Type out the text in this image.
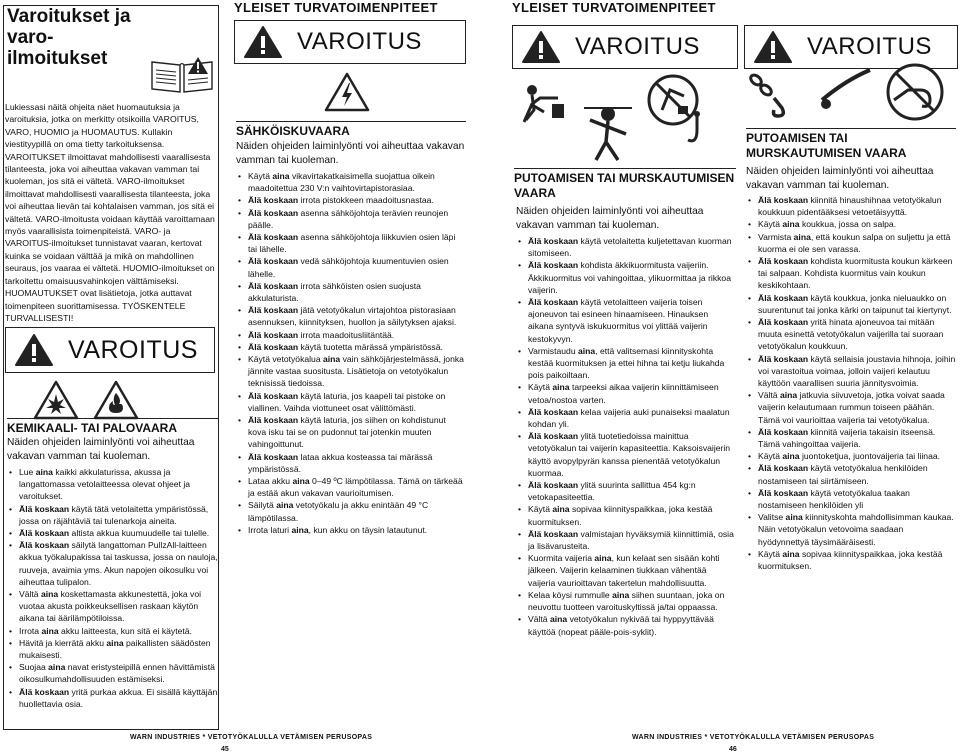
Varoitukset ja varo-ilmoitukset
Lukiessasi näitä ohjeita näet huomautuksia ja varoituksia, jotka on merkitty otsikoilla VAROITUS, VARO, HUOMIO ja HUOMAUTUS. Kullakin viestityypillä on oma tietty tarkoituksensa. VAROITUKSET ilmoittavat mahdollisesti vaarallisesta tilanteesta, joka voi aiheuttaa vakavan vamman tai kuoleman, jos sitä ei vältetä. VARO-ilmoitukset ilmoittavat mahdollisesti vaarallisesta tilanteesta, joka voi aiheuttaa lievän tai kohtalaisen vamman, jos sitä ei vältetä. VARO-ilmoitusta voidaan käyttää varoittamaan myös vaarallisista toimenpiteistä. VARO- ja VAROITUS-ilmoitukset tunnistavat vaaran, kertovat kuinka se voidaan välttää ja mikä on mahdollinen seuraus, jos vaaraa ei vältetä. HUOMIO-ilmoitukset on tarkoitettu omaisuusvahinkojen välttämiseksi. HUOMAUTUKSET ovat lisätietoja, jotka auttavat toimenpiteen suorittamisessa. TYÖSKENTELE TURVALLISESTI!
VAROITUS
KEMIKAALI- TAI PALOVAARA
Näiden ohjeiden laiminlyönti voi aiheuttaa vakavan vamman tai kuoleman.
• Lue aina kaikki akkulaturissa, akussa ja langattomassa vetolaitteessa olevat ohjeet ja varoitukset.
• Älä koskaan käytä tätä vetolaitetta ympäristössä, jossa on räjähtäviä tai tulenarkoja aineita.
• Älä koskaan altista akkua kuumuudelle tai tulelle.
• Älä koskaan säilytä langattoman PullzAll-laitteen akkua työkalupakissa tai taskussa, jossa on nauloja, ruuveja, avaimia yms. Akun napojen oikosulku voi aiheuttaa tulipalon.
• Vältä aina koskettamasta akkunestettä, joka voi vuotaa akusta poikkeuksellisen raskaan käytön aikana tai äärilämpötiloissa.
• Irrota aina akku laitteesta, kun sitä ei käytetä.
• Hävitä ja kierrätä akku aina paikallisten säädösten mukaisesti.
• Suojaa aina navat eristysteipillä ennen hävittämistä oikosulkumahdollisuuden estämiseksi.
• Älä koskaan yritä purkaa akkua. Ei sisällä käyttäjän huollettavia osia.
YLEISET TURVATOIMENPITEET
VAROITUS
SÄHKÖISKUVAARA
Näiden ohjeiden laiminlyönti voi aiheuttaa vakavan vamman tai kuoleman.
• Käytä aina vikavirtakatkaisimella suojattua oikein maadoitettua 230 V:n vaihtovirtapistorasiaa.
• Älä koskaan irrota pistokkeen maadoitusnastaa.
• Älä koskaan asenna sähköjohtoja terävien reunojen päälle.
• Älä koskaan asenna sähköjohtoja liikkuvien osien läpi tai lähelle.
• Älä koskaan vedä sähköjohtoja kuumentuvien osien lähelle.
• Älä koskaan irrota sähköisten osien suojusta akkulaturista.
• Älä koskaan jätä vetotyökalun virtajohtoa pistorasiaan asennuksen, kiinnityksen, huollon ja säilytyksen ajaksi.
• Älä koskaan irrota maadoitusliitäntää.
• Älä koskaan käytä tuotetta märässä ympäristössä.
• Käytä vetotyökalua aina vain sähköjärjestelmässä, jonka jännite vastaa suositusta. Lisätietoja on vetotyökalun teknisissä tiedoissa.
• Älä koskaan käytä laturia, jos kaapeli tai pistoke on viallinen. Vaihda viottuneet osat välittömästi.
• Älä koskaan käytä laturia, jos siihen on kohdistunut kova isku tai se on pudonnut tai jotenkin muuten vahingoittunut.
• Älä koskaan lataa akkua kosteassa tai märässä ympäristössä.
• Lataa akku aina 0–49 ºC lämpötilassa. Tämä on tärkeää ja estää akun vakavan vaurioitumisen.
• Säilytä aina vetotyökalu ja akku enintään 49 °C lämpötilassa.
• Irrota laturi aina, kun akku on täysin latautunut.
WARN INDUSTRIES * VETOTYÖKALULLA VETÄMISEN PERUSOPAS
45
YLEISET TURVATOIMENPITEET
VAROITUS
PUTOAMISEN TAI MURSKAUTUMISEN VAARA
Näiden ohjeiden laiminlyönti voi aiheuttaa vakavan vamman tai kuoleman.
• Älä koskaan käytä vetolaitetta kuljetettavan kuorman sitomiseen.
• Älä koskaan kohdista äkkikuormitusta vaijeriin. Äkkikuormitus voi vahingoittaa, ylikuormittaa ja rikkoa vaijerin.
• Älä koskaan käytä vetolaitteen vaijeria toisen ajoneuvon tai esineen hinaamiseen. Hinauksen aikana syntyvä iskukuormitus voi ylittää vaijerin kestokyvyn.
• Varmistaudu aina, että valitsemasi kiinnityskohta kestää kuormituksen ja ettei hihna tai ketju liukahda pois paikoiltaan.
• Käytä aina tarpeeksi aikaa vaijerin kiinnittämiseen vetoa/nostoa varten.
• Älä koskaan kelaa vaijeria auki punaiseksi maalatun kohdan yli.
• Älä koskaan ylitä tuotetiedoissa mainittua vetotyökalun tai vaijerin kapasiteettia. Kaksoisvaijerin käyttö avopylpyrän kanssa pienentää vetotyökalun kuormaa.
• Älä koskaan ylitä suurinta sallittua 454 kg:n vetokapasiteettia.
• Käytä aina sopivaa kiinnityspaikkaa, joka kestää kuormituksen.
• Älä koskaan valmistajan hyväksymiä kiinnittimiä, osia ja lisävarusteita.
• Kuormita vaijeria aina, kun kelaat sen sisään kohti jälkeen. Vaijerin kelaaminen tiukkaan vähentää vaijeria vaurioittavan takertelun mahdollisuutta.
• Kelaa köysi rummulle aina siihen suuntaan, joka on neuvottu tuotteen varoituskyltissä ja/tai oppaassa.
• Vältä aina vetotyökalun nykivää tai hyppyyttävää käyttöä (nopeat pääle-pois-syklit).
VAROITUS
PUTOAMISEN TAI MURSKAUTUMISEN VAARA
Näiden ohjeiden laiminlyönti voi aiheuttaa vakavan vamman tai kuoleman.
• Älä koskaan kiinnitä hinaushihnaa vetotyökalun koukkuun pidentääksesi vetoetäisyyttä.
• Käytä aina koukkua, jossa on salpa.
• Varmista aina, että koukun salpa on suljettu ja että kuorma ei ole sen varassa.
• Älä koskaan kohdista kuormitusta koukun kärkeen tai salpaan. Kohdista kuormitus vain koukun keskikohtaan.
• Älä koskaan käytä koukkua, jonka nieluaukko on suurentunut tai jonka kärki on taipunut tai kiertynyt.
• Älä koskaan yritä hinata ajoneuvoa tai mitään muuta esinettä vetotyökalun vaijerilla tai suoraan vetotyökalun koukkuun.
• Älä koskaan käytä sellaisia joustavia hihnoja, joihin voi varastoitua voimaa, jolloin vaijeri kelautuu käyttöön vaarallisen suuria jännitysvoimia.
• Vältä aina jatkuvia siivuvetoja, jotka voivat saada vaijerin kelautumaan rummun toiseen päähän. Tämä voi vaurioittaa vaijeria tai vetotyökalua.
• Älä koskaan kiinnitä vaijeria takaisin itseensä. Tämä vahingoittaa vaijeria.
• Käytä aina juontoketjua, juontovaijeria tai liinaa.
• Älä koskaan käytä vetotyökalua henkilöiden nostamiseen tai siirtämiseen.
• Älä koskaan käytä vetotyökalua taakan nostamiseen henkilöiden yli
• Valitse aina kiinnityskohta mahdollisimman kaukaa. Näin vetotyökalun vetovoima saadaan hyödynnettyä täysimääräisesti.
• Käytä aina sopivaa kiinnityspaikkaa, joka kestää kuormituksen.
WARN INDUSTRIES * VETOTYÖKALULLA VETÄMISEN PERUSOPAS
46
